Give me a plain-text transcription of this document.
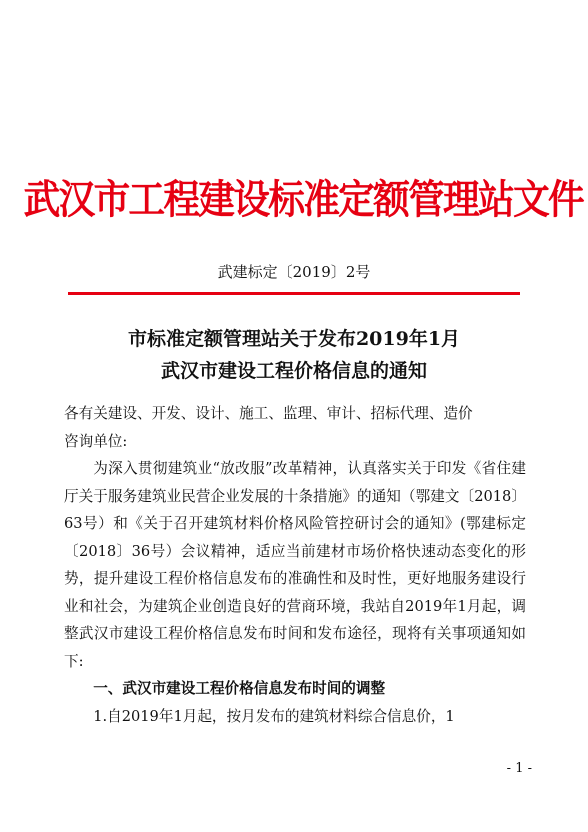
武汉市工程建设标准定额管理站文件
武建标定〔2019〕2号
市标准定额管理站关于发布2019年1月
武汉市建设工程价格信息的通知

各有关建设、开发、设计、施工、监理、审计、招标代理、造价

咨询单位:

为深入贯彻建筑业“放改服”改革精神，认真落实关于印发《省住建厅关于服务建筑业民营企业发展的十条措施》的通知（鄂建文〔2018〕63号）和《关于召开建筑材料价格风险管控研讨会的通知》(鄂建标定〔2018〕36号）会议精神，适应当前建材市场价格快速动态变化的形势，提升建设工程价格信息发布的准确性和及时性，更好地服务建设行业和社会，为建筑企业创造良好的营商环境，我站自2019年1月起，调整武汉市建设工程价格信息发布时间和发布途径，现将有关事项通知如下:

一、武汉市建设工程价格信息发布时间的调整

1.自2019年1月起，按月发布的建筑材料综合信息价，1

- 1 -
